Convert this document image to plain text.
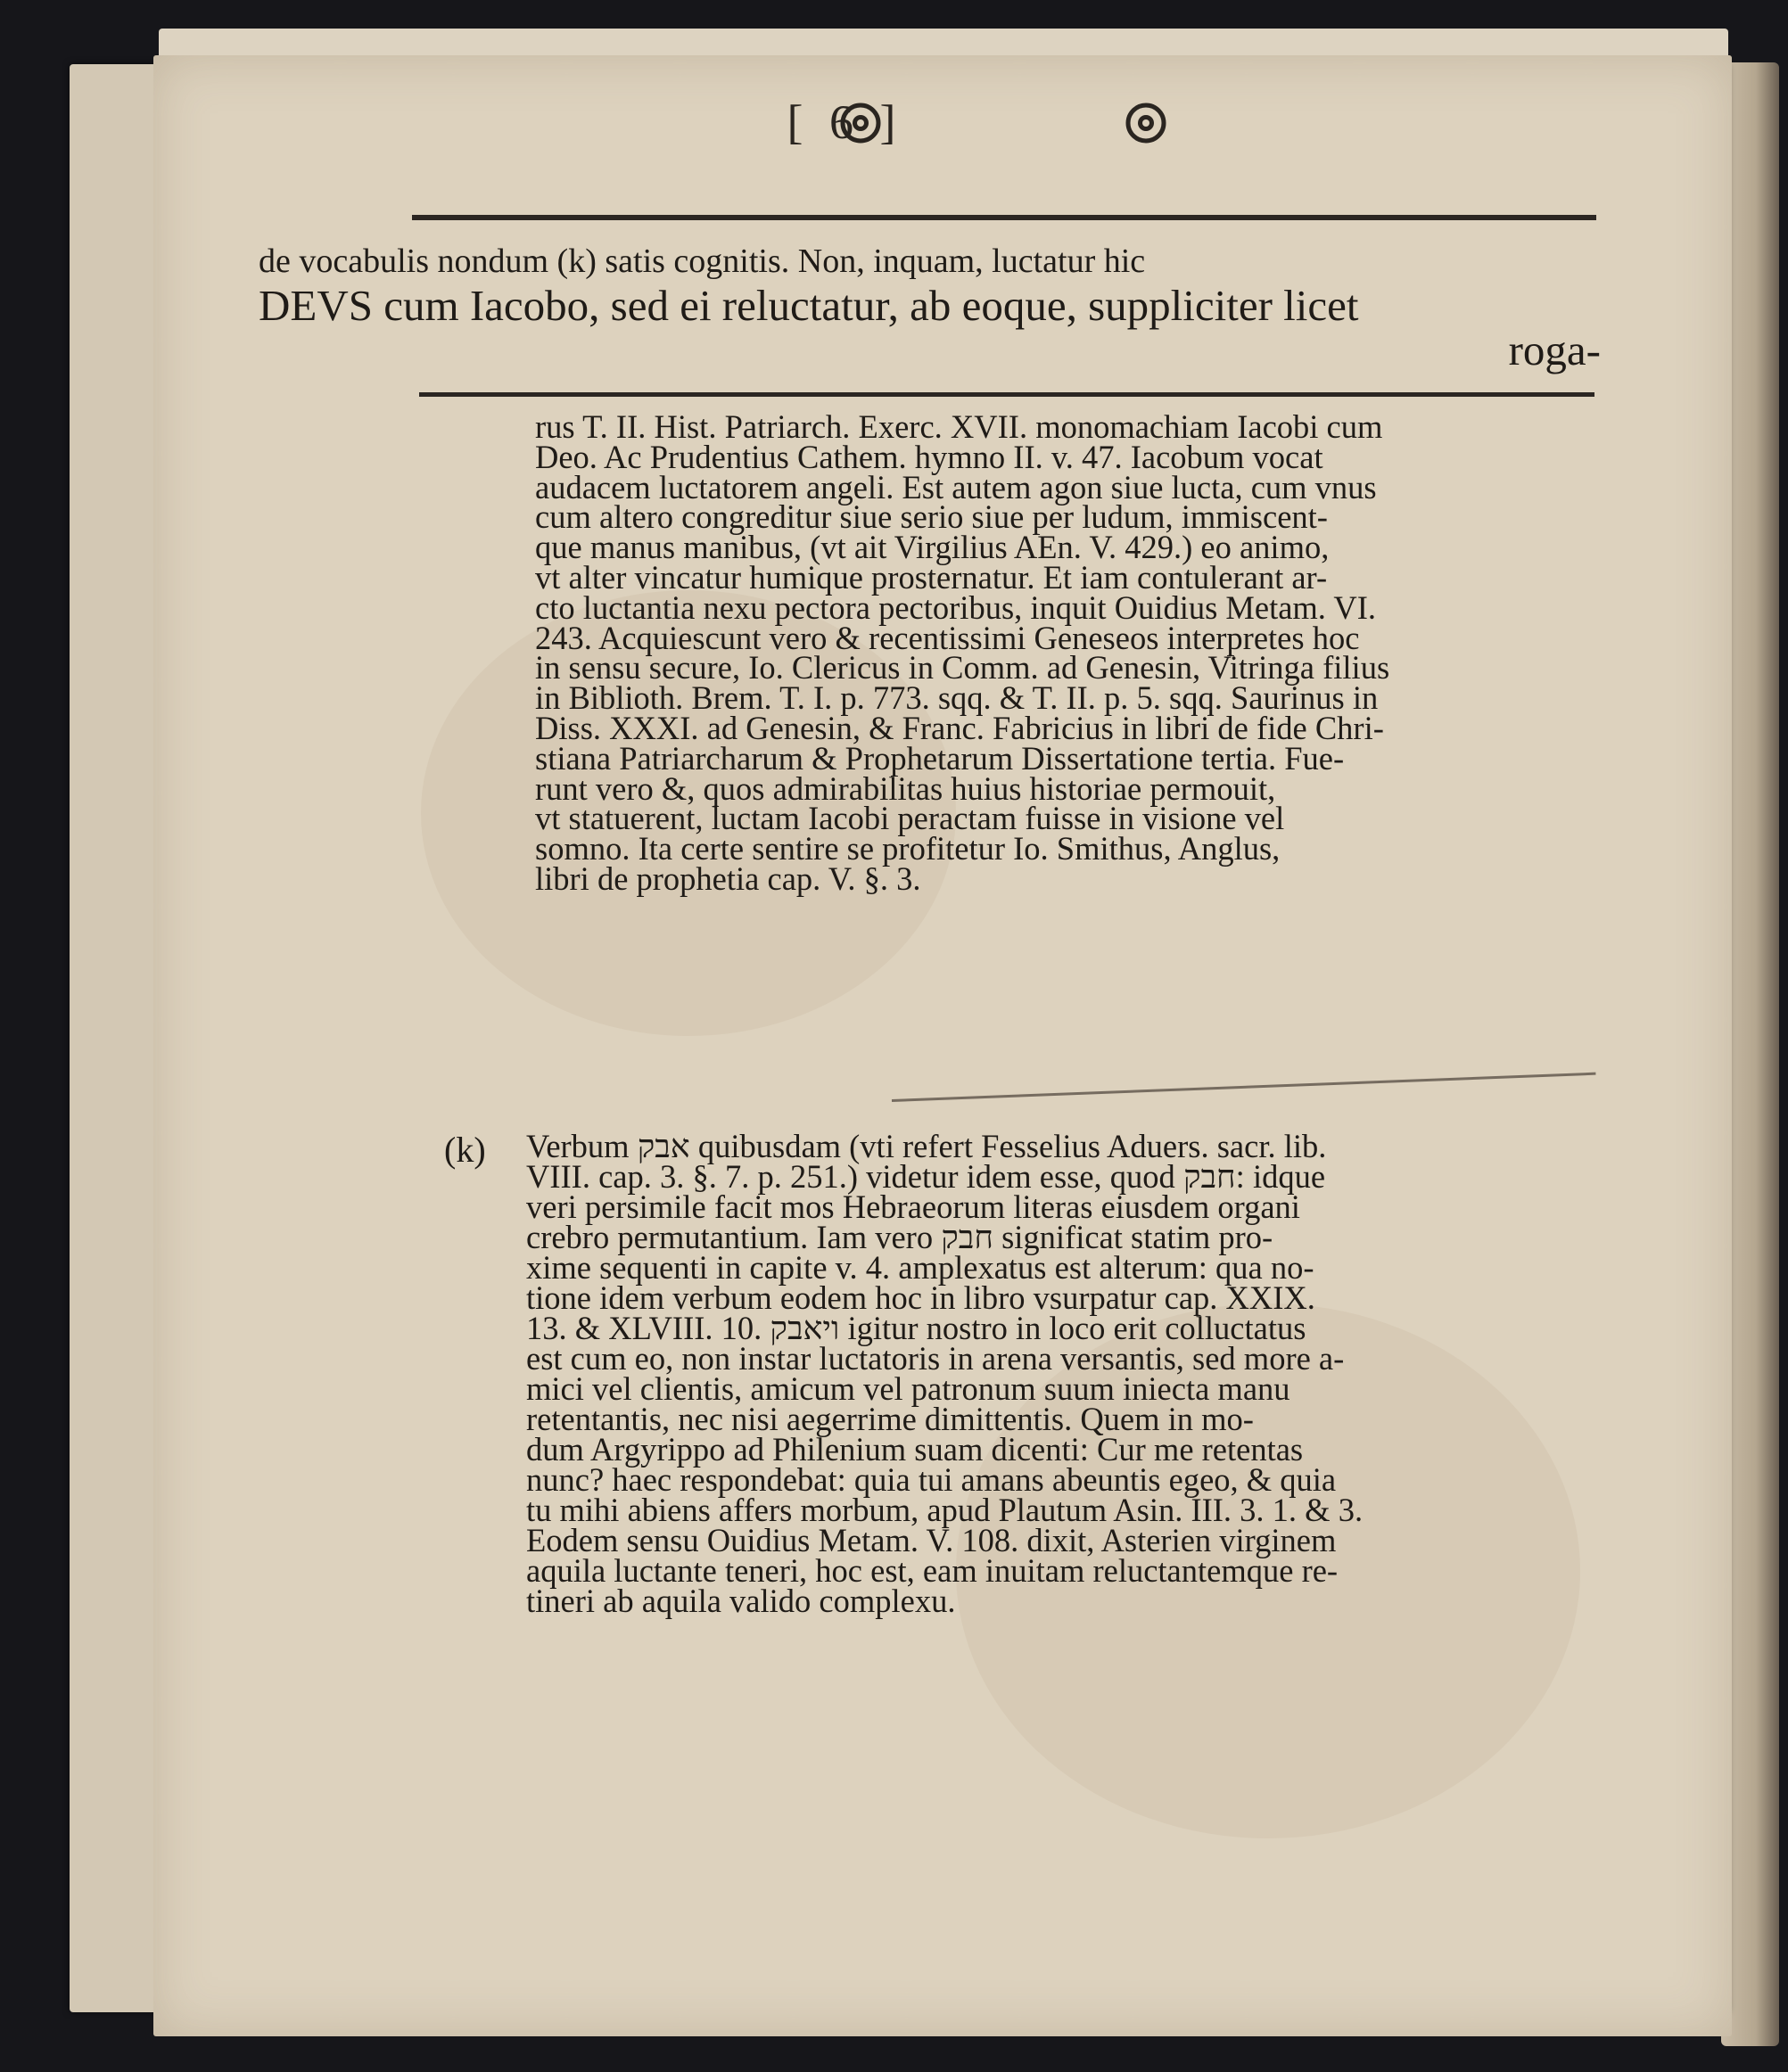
[ 6 ]
de vocabulis nondum (k) satis cognitis. Non, inquam, luctatur hic
DEVS cum Iacobo, sed ei reluctatur, ab eoque, suppliciter licet
roga-
rus T. II. Hist. Patriarch. Exerc. XVII. monomachiam Iacobi cum
Deo. Ac Prudentius Cathem. hymno II. v. 47. Iacobum vocat
audacem luctatorem angeli. Est autem agon siue lucta, cum vnus
cum altero congreditur siue serio siue per ludum, immiscent-
que manus manibus, (vt ait Virgilius AEn. V. 429.) eo animo,
vt alter vincatur humique prosternatur. Et iam contulerant ar-
cto luctantia nexu pectora pectoribus, inquit Ouidius Metam. VI.
243. Acquiescunt vero & recentissimi Geneseos interpretes hoc
in sensu secure, Io. Clericus in Comm. ad Genesin, Vitringa filius
in Biblioth. Brem. T. I. p. 773. sqq. & T. II. p. 5. sqq. Saurinus in
Diss. XXXI. ad Genesin, & Franc. Fabricius in libri de fide Chri-
stiana Patriarcharum & Prophetarum Dissertatione tertia. Fue-
runt vero &, quos admirabilitas huius historiae permouit,
vt statuerent, luctam Iacobi peractam fuisse in visione vel
somno. Ita certe sentire se profitetur Io. Smithus, Anglus,
libri de prophetia cap. V. §. 3.
(k) Verbum אבק quibusdam (vti refert Fesselius Aduers. sacr. lib.
VIII. cap. 3. §. 7. p. 251.) videtur idem esse, quod חבק: idque
veri persimile facit mos Hebraeorum literas eiusdem organi
crebro permutantium. Iam vero חבק significat statim pro-
xime sequenti in capite v. 4. amplexatus est alterum: qua no-
tione idem verbum eodem hoc in libro vsurpatur cap. XXIX.
13. & XLVIII. 10. ויאבק igitur nostro in loco erit colluctatus
est cum eo, non instar luctatoris in arena versantis, sed more a-
mici vel clientis, amicum vel patronum suum iniecta manu
retentantis, nec nisi aegerrime dimittentis. Quem in mo-
dum Argyrippo ad Philenium suam dicenti: Cur me retentas
nunc? haec respondebat: quia tui amans abeuntis egeo, & quia
tu mihi abiens affers morbum, apud Plautum Asin. III. 3. 1. & 3.
Eodem sensu Ouidius Metam. V. 108. dixit, Asterien virginem
aquila luctante teneri, hoc est, eam inuitam reluctantemque re-
tineri ab aquila valido complexu.
